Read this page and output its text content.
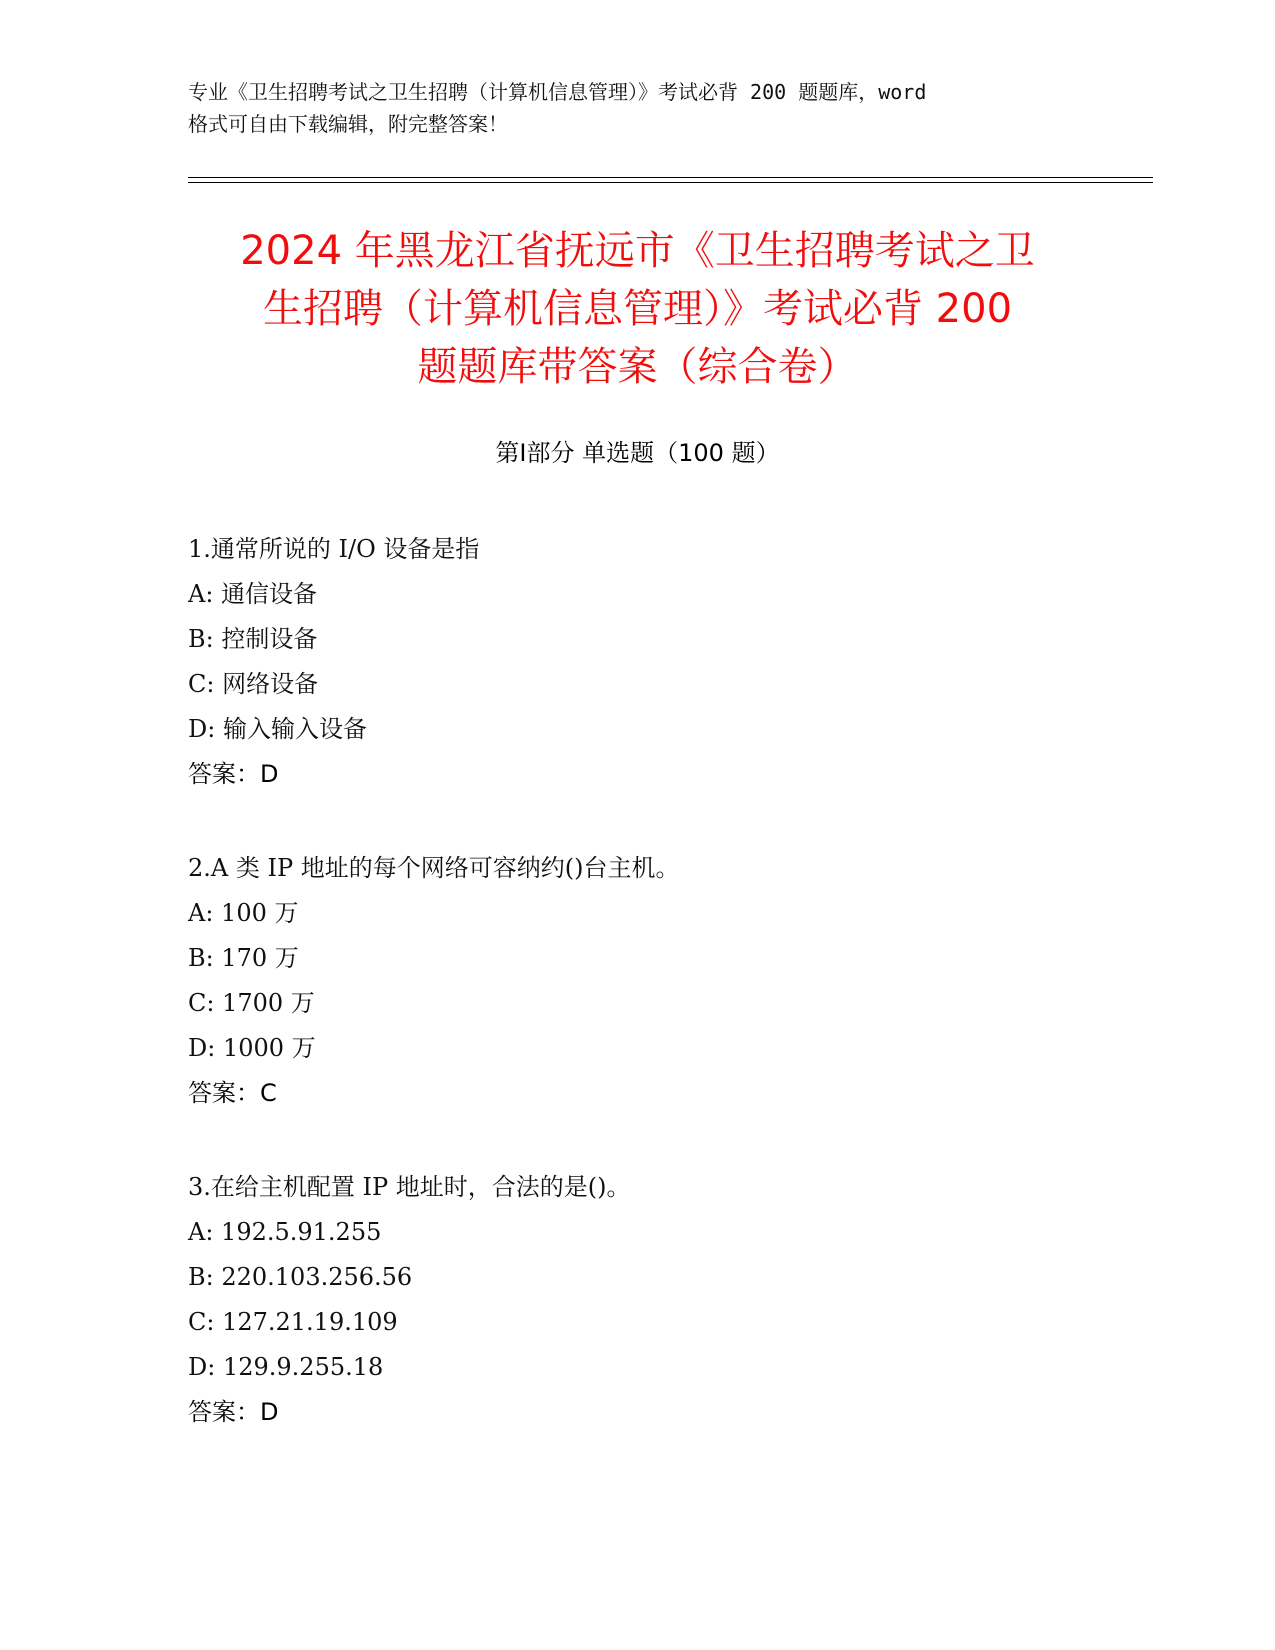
专业《卫生招聘考试之卫生招聘（计算机信息管理）》考试必背 200 题题库，word
格式可自由下载编辑，附完整答案！
2024 年黑龙江省抚远市《卫生招聘考试之卫
生招聘（计算机信息管理）》考试必背 200
题题库带答案（综合卷）
第Ⅰ部分 单选题（100 题）
1.通常所说的 I/O 设备是指
A: 通信设备
B: 控制设备
C: 网络设备
D: 输入输入设备
答案：D
2.A 类 IP 地址的每个网络可容纳约()台主机。
A: 100 万
B: 170 万
C: 1700 万
D: 1000 万
答案：C
3.在给主机配置 IP 地址时，合法的是()。
A: 192.5.91.255
B: 220.103.256.56
C: 127.21.19.109
D: 129.9.255.18
答案：D
